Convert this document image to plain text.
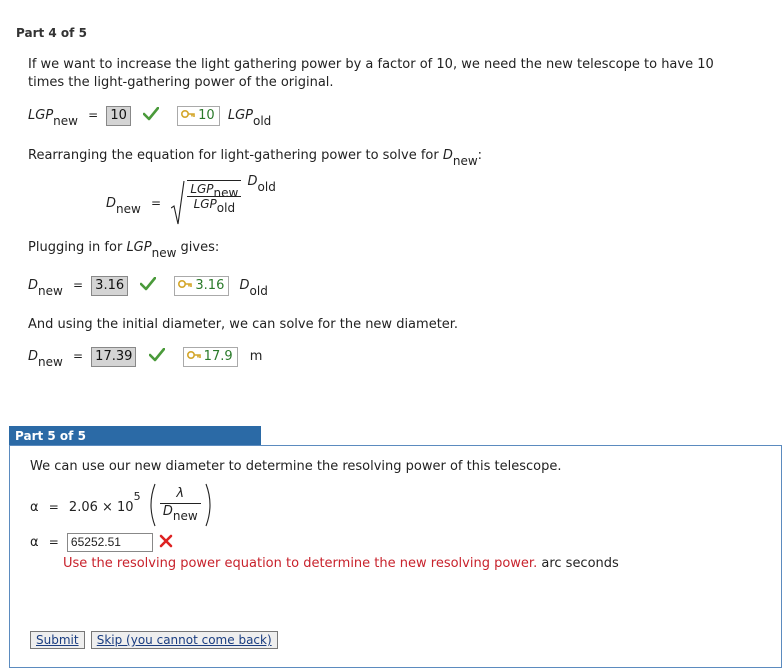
Part 4 of 5
If we want to increase the light gathering power by a factor of 10, we need the new telescope to have 10 times the light-gathering power of the original.
LGPnew = 10	10 LGPold
Rearranging the equation for light-gathering power to solve for Dnew:
Dnew = $\frac{\text{LGPnew}}{\text{LGPold}}$
Dold
Plugging in for LGPnew gives:
Dnew = 3.16	3.16 Dold
And using the initial diameter, we can solve for the new diameter.
Dnew = 17.39	17.9 m
Part 5 of 5
We can use our new diameter to determine the resolving power of this telescope.
$\alpha = 2.06 \times 10^5 \frac{\lambda}{\text{Dnew}}$

α = 65252.51
Use the resolving power equation to determine the new resolving power. arc seconds
Submit Skip (you cannot come back)
